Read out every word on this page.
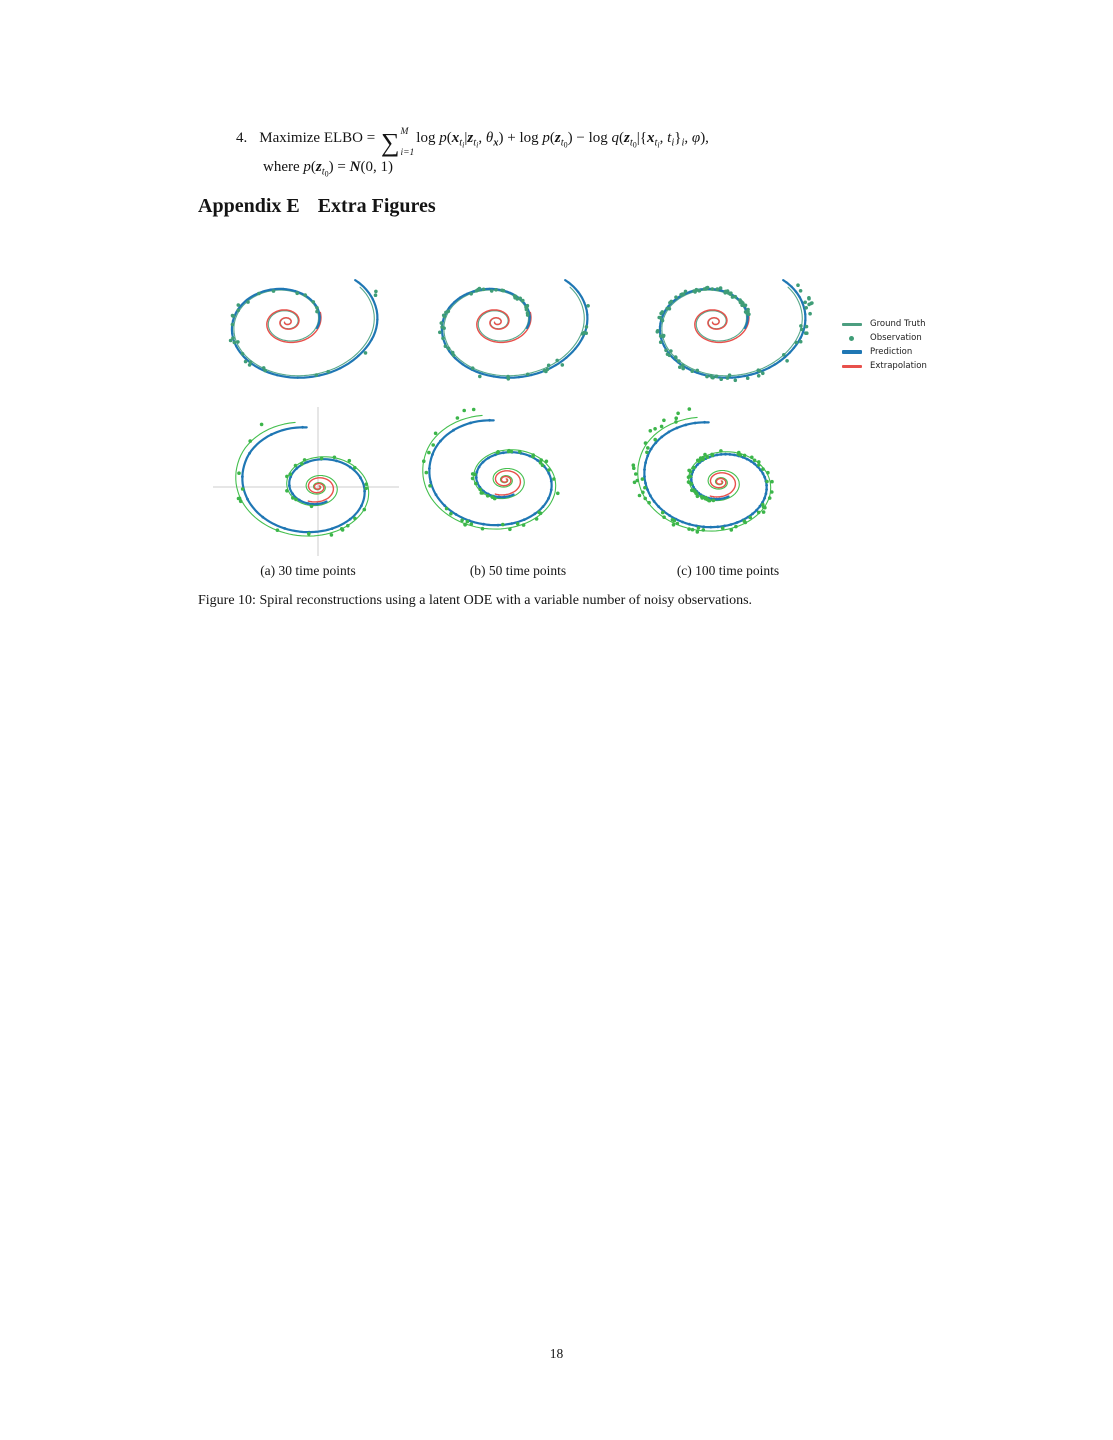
4. Maximize ELBO = ∑ M
i=1
$\log p(x_{ti}|z_{ti}$, $\theta_x) + \log p(z_{t0}) - \log q(z_{t0}|\{x_{ti}$, $t_i\}_i$, φ),
where $p(z_{t0}) = N(0$, 1)
Appendix E Extra Figures
Ground Truth
Observation
Prediction
Extrapolation
(a) 30 time points	(b) 50 time points	(c) 100 time points
Figure 10: Spiral reconstructions using a latent ODE with a variable number of noisy observations.
18
